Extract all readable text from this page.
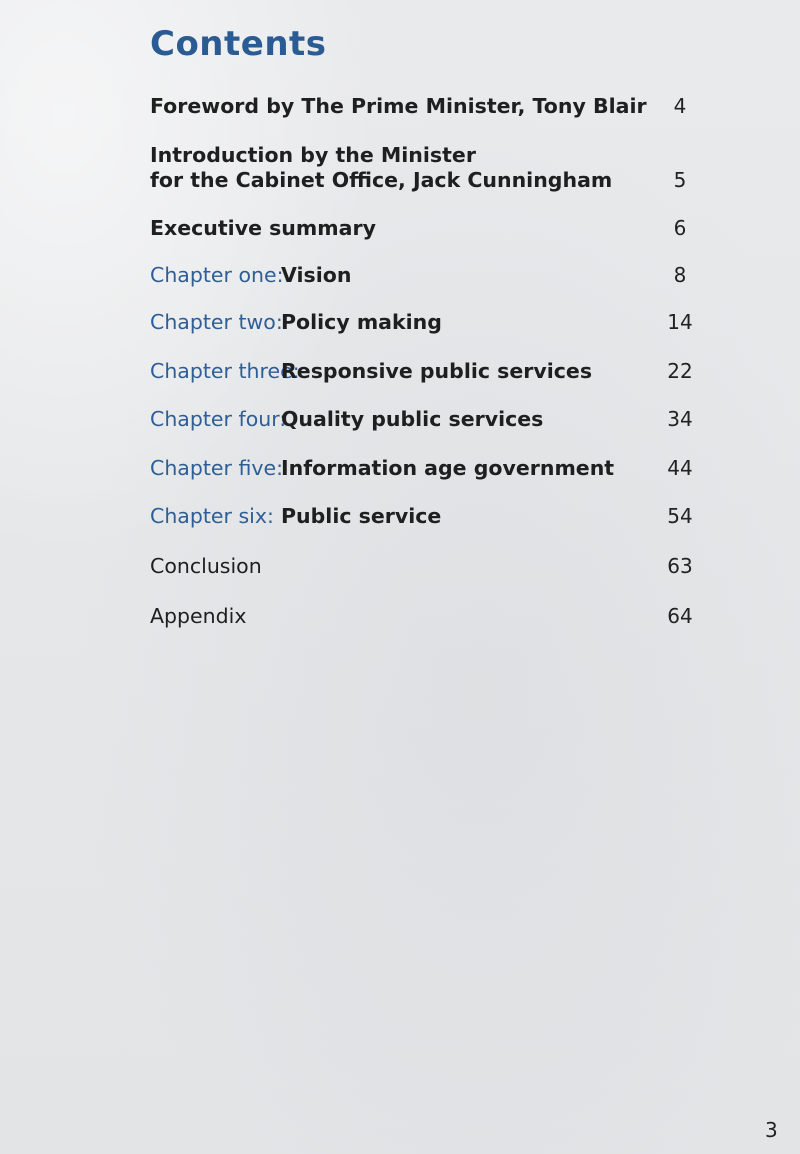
Contents
Foreword by The Prime Minister, Tony Blair	4
Introduction by the Minister
for the Cabinet Office, Jack Cunningham	5
Executive summary	6
Chapter one:Vision	8
Chapter two:Policy making	14
Chapter three:Responsive public services	22
Chapter four:Quality public services	34
Chapter five:Information age government	44
Chapter six: Public service	54
Conclusion	63
Appendix	64
3
